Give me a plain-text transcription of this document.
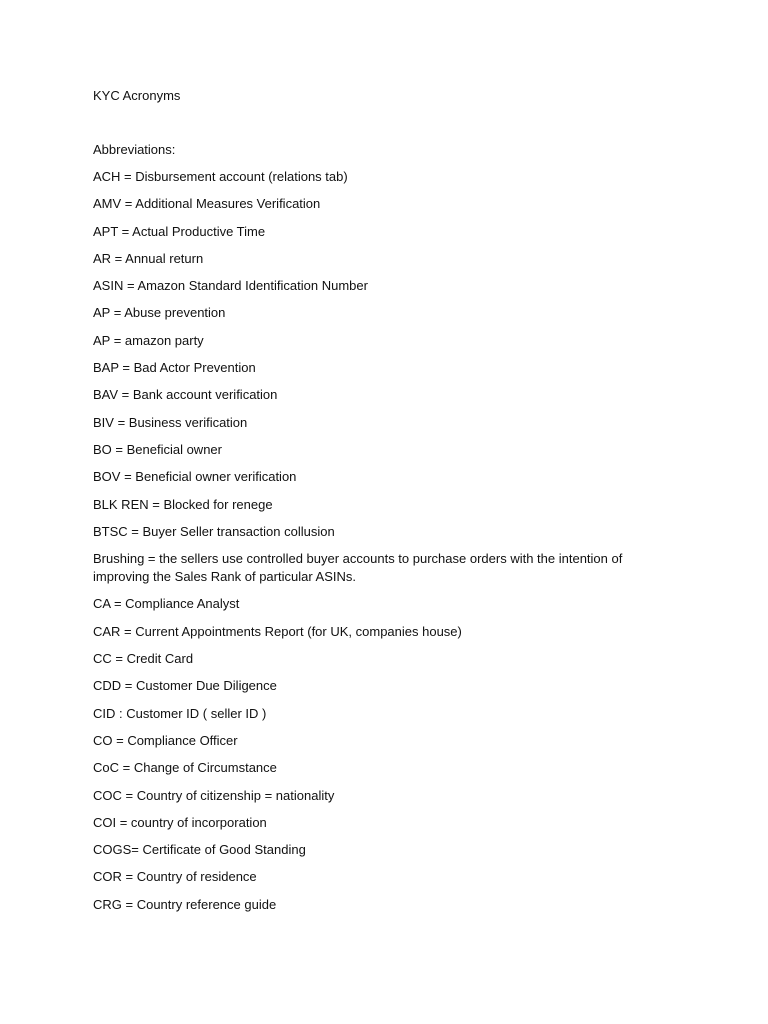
KYC Acronyms
Abbreviations:
ACH = Disbursement account (relations tab)
AMV = Additional Measures Verification
APT = Actual Productive Time
AR = Annual return
ASIN = Amazon Standard Identification Number
AP = Abuse prevention
AP = amazon party
BAP = Bad Actor Prevention
BAV = Bank account verification
BIV = Business verification
BO = Beneficial owner
BOV = Beneficial owner verification
BLK REN = Blocked for renege
BTSC = Buyer Seller transaction collusion
Brushing = the sellers use controlled buyer accounts to purchase orders with the intention of improving the Sales Rank of particular ASINs.
CA = Compliance Analyst
CAR = Current Appointments Report (for UK, companies house)
CC = Credit Card
CDD = Customer Due Diligence
CID : Customer ID ( seller ID )
CO = Compliance Officer
CoC = Change of Circumstance
COC = Country of citizenship = nationality
COI = country of incorporation
COGS= Certificate of Good Standing
COR = Country of residence
CRG = Country reference guide
